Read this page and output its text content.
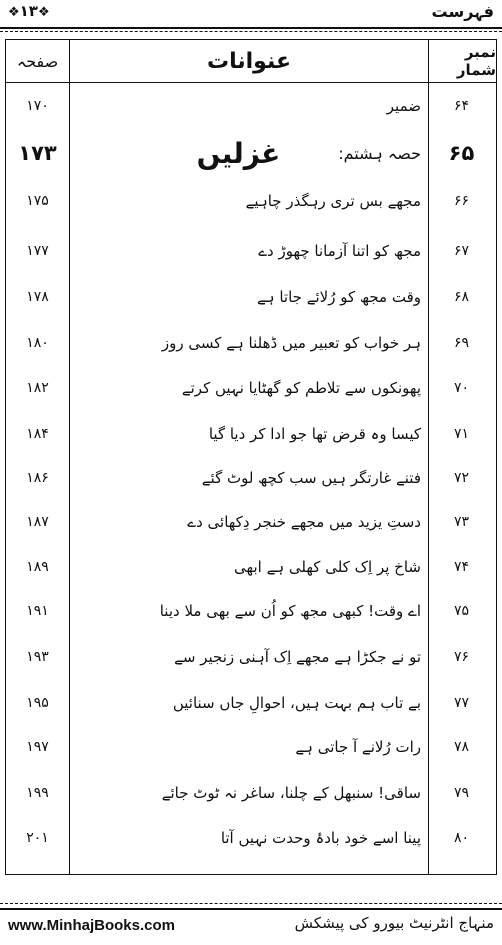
❖۱۳❖	فہرست
نمبر شمار
عنوانات
صفحہ
۶۴
ضمیر
۱۷۰
۶۵
حصہ ہشتم:
غزلیں
۱۷۳
۶۶
مجھے بس تری رہگذر چاہیے
۱۷۵
۶۷
مجھ کو اتنا آزمانا چھوڑ دے
۱۷۷
۶۸
وقت مجھ کو رُلائے جاتا ہے
۱۷۸
۶۹
ہر خواب کو تعبیر میں ڈھلنا ہے کسی روز
۱۸۰
۷۰
پھونکوں سے تلاطم کو گھٹایا نہیں کرتے
۱۸۲
۷۱
کیسا وہ قرض تھا جو ادا کر دیا گیا
۱۸۴
۷۲
فتنے غارتگر ہیں سب کچھ لوٹ گئے
۱۸۶
۷۳
دستِ یزید میں مجھے خنجر دِکھائی دے
۱۸۷
۷۴
شاخ پر اِک کلی کھلی ہے ابھی
۱۸۹
۷۵
اے وقت! کبھی مجھ کو اُن سے بھی ملا دینا
۱۹۱
۷۶
تو نے جکڑا ہے مجھے اِک آہنی زنجیر سے
۱۹۳
۷۷
بے تاب ہم بہت ہیں، احوالِ جاں سنائیں
۱۹۵
۷۸
رات رُلانے آ جاتی ہے
۱۹۷
۷۹
ساقی! سنبھل کے چلنا، ساغر نہ ٹوٹ جائے
۱۹۹
۸۰
پینا اسے خود بادۂ وحدت نہیں آتا
۲۰۱
www.MinhajBooks.com	منہاج انٹرنیٹ بیورو کی پیشکش
